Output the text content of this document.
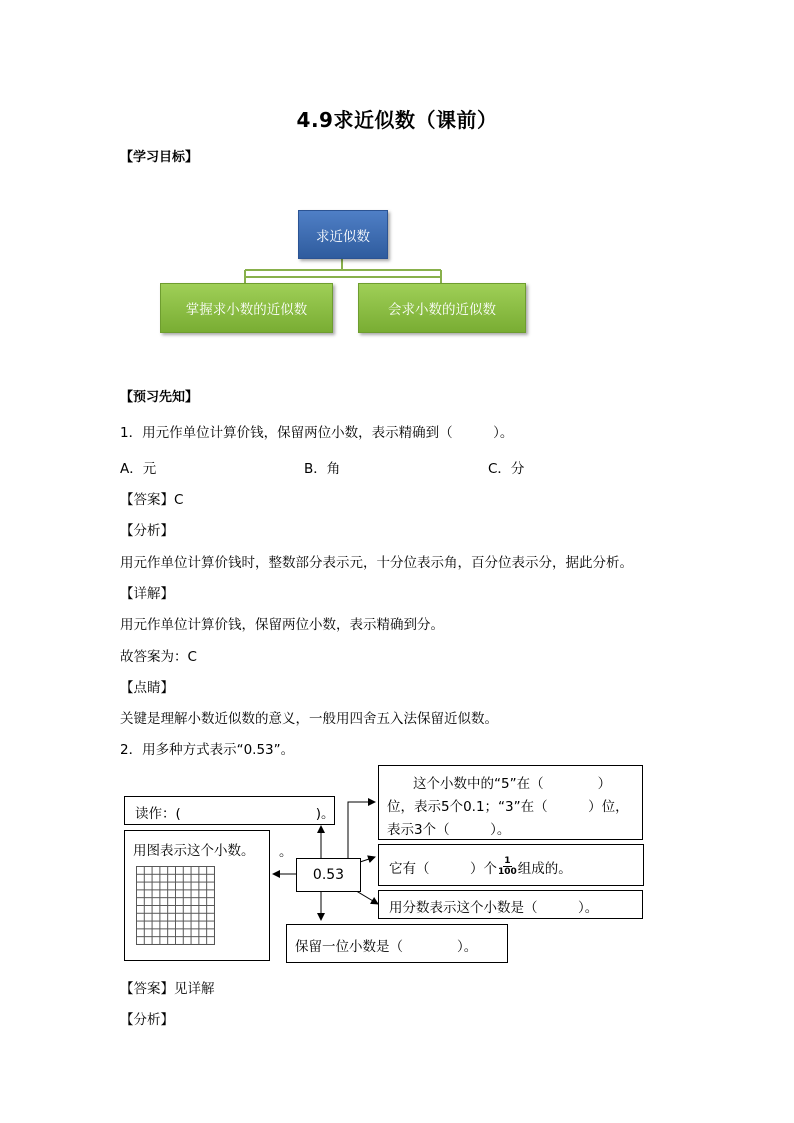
4.9求近似数（课前）
【学习目标】
求近似数
掌握求小数的近似数	会求小数的近似数
【预习先知】
1．用元作单位计算价钱，保留两位小数，表示精确到（　　　）。
A．元	B．角	C．分
【答案】C
【分析】
用元作单位计算价钱时，整数部分表示元，十分位表示角，百分位表示分，据此分析。
【详解】
用元作单位计算价钱，保留两位小数，表示精确到分。
故答案为：C
【点睛】
关键是理解小数近似数的意义，一般用四舍五入法保留近似数。
2．用多种方式表示“0.53”。
读作：(　　　　　　　　　　)。
用图表示这个小数。 。
0.53
这个小数中的“5”在（　　　　）
位，表示5个0.1；“3”在（　　　）位，
表示3个（　　　）。
它有（　　　）个 $\frac{1}{100}$ 组成的。
用分数表示这个小数是（　　　）。
保留一位小数是（　　　　）。
【答案】见详解
【分析】
